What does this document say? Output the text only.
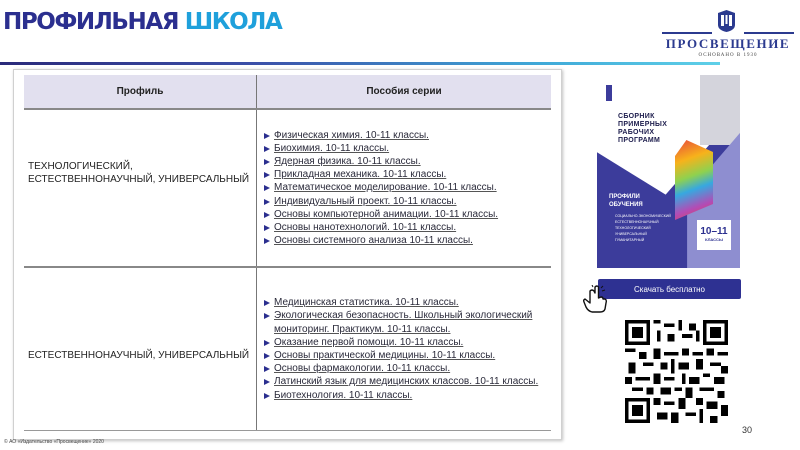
ПРОФИЛЬНАЯ ШКОЛА
ПРОСВЕЩЕНИЕ
ОСНОВАНО В 1930
Профиль	Пособия серии
ТЕХНОЛОГИЧЕСКИЙ, ЕСТЕСТВЕННОНАУЧНЫЙ, УНИВЕРСАЛЬНЫЙ
Физическая химия. 10-11 классы.
Биохимия. 10-11 классы.
Ядерная физика. 10-11 классы.
Прикладная механика. 10-11 классы.
Математическое моделирование. 10-11 классы.
Индивидуальный проект. 10-11 классы.
Основы компьютерной анимации. 10-11 классы.
Основы нанотехнологий. 10-11 классы.
Основы системного анализа 10-11 классы.
ЕСТЕСТВЕННОНАУЧНЫЙ, УНИВЕРСАЛЬНЫЙ
Медицинская статистика. 10-11 классы.
Экологическая безопасность. Школьный экологический мониторинг. Практикум. 10-11 классы.
Оказание первой помощи. 10-11 классы.
Основы практической медицины. 10-11 классы.
Основы фармакологии. 10-11 классы.
Латинский язык для медицинских классов. 10-11 классы.
Биотехнология. 10-11 классы.
СБОРНИК
ПРИМЕРНЫХ
РАБОЧИХ
ПРОГРАММ
ПРОФИЛИ
ОБУЧЕНИЯ
СОЦИАЛЬНО-ЭКОНОМИЧЕСКИЙ
ЕСТЕСТВЕННОНАУЧНЫЙ
ТЕХНОЛОГИЧЕСКИЙ
УНИВЕРСАЛЬНЫЙ
ГУМАНИТАРНЫЙ
10–11
КЛАССЫ
Скачать бесплатно
30
© АО «Издательство «Просвещение» 2020
